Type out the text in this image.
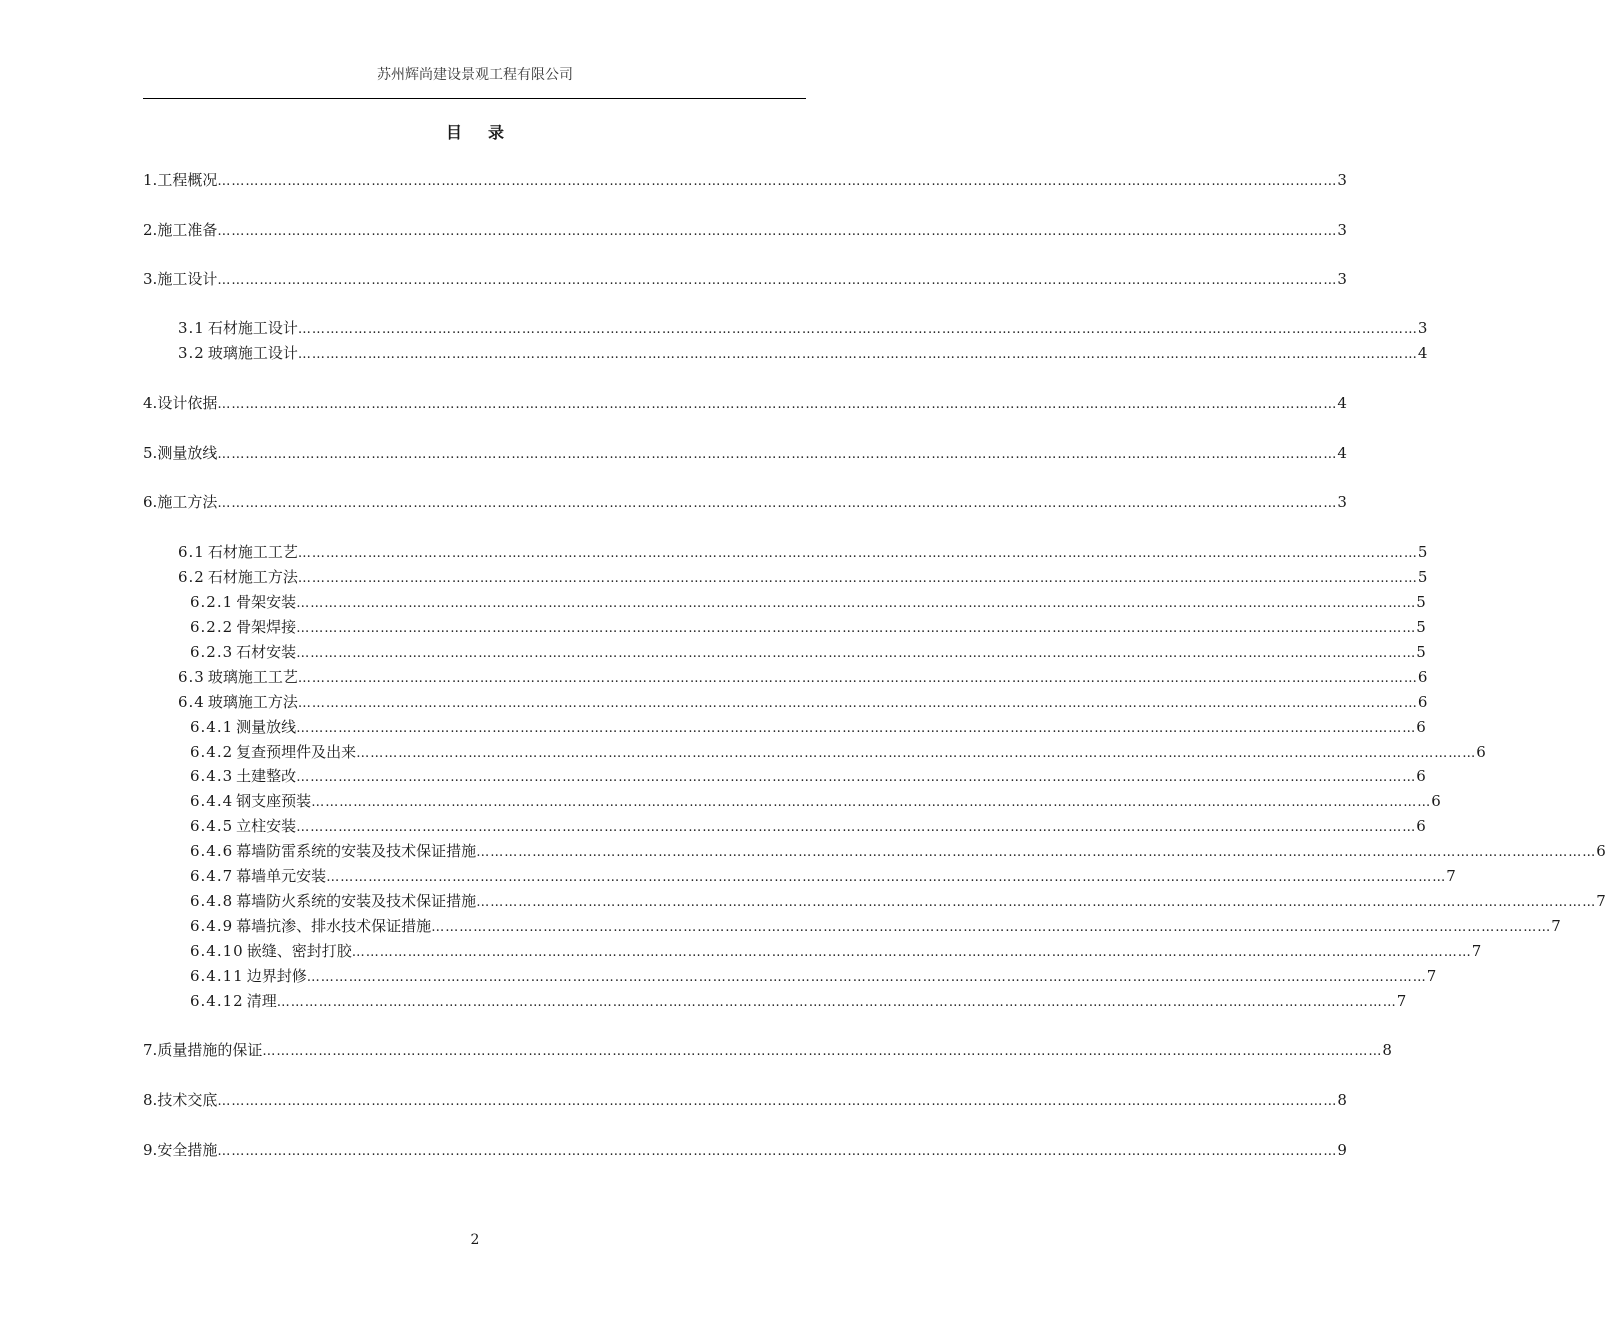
苏州辉尚建设景观工程有限公司
目 录
1. 工程概况 …………………………………………………………………………………………………………………………………………………………………………………………………………………… 3
2. 施工准备 …………………………………………………………………………………………………………………………………………………………………………………………………………………… 3
3. 施工设计 …………………………………………………………………………………………………………………………………………………………………………………………………………………… 3
3.1 石材施工设计 …………………………………………………………………………………………………………………………………………………………………………………………………………………… 3
3.2 玻璃施工设计 …………………………………………………………………………………………………………………………………………………………………………………………………………………… 4
4. 设计依据 …………………………………………………………………………………………………………………………………………………………………………………………………………………… 4
5. 测量放线 …………………………………………………………………………………………………………………………………………………………………………………………………………………… 4
6. 施工方法 …………………………………………………………………………………………………………………………………………………………………………………………………………………… 3
6.1 石材施工工艺 …………………………………………………………………………………………………………………………………………………………………………………………………………………… 5
6.2 石材施工方法 …………………………………………………………………………………………………………………………………………………………………………………………………………………… 5
6.2.1 骨架安装 …………………………………………………………………………………………………………………………………………………………………………………………………………………… 5
6.2.2 骨架焊接 …………………………………………………………………………………………………………………………………………………………………………………………………………………… 5
6.2.3 石材安装 …………………………………………………………………………………………………………………………………………………………………………………………………………………… 5
6.3 玻璃施工工艺 …………………………………………………………………………………………………………………………………………………………………………………………………………………… 6
6.4 玻璃施工方法 …………………………………………………………………………………………………………………………………………………………………………………………………………………… 6
6.4.1 测量放线 …………………………………………………………………………………………………………………………………………………………………………………………………………………… 6
6.4.2 复查预埋件及出来 …………………………………………………………………………………………………………………………………………………………………………………………………………………… 6
6.4.3 土建整改 …………………………………………………………………………………………………………………………………………………………………………………………………………………… 6
6.4.4 钢支座预装 …………………………………………………………………………………………………………………………………………………………………………………………………………………… 6
6.4.5 立柱安装 …………………………………………………………………………………………………………………………………………………………………………………………………………………… 6
6.4.6 幕墙防雷系统的安装及技术保证措施 …………………………………………………………………………………………………………………………………………………………………………………………………………………… 6
6.4.7 幕墙单元安装 …………………………………………………………………………………………………………………………………………………………………………………………………………………… 7
6.4.8 幕墙防火系统的安装及技术保证措施 …………………………………………………………………………………………………………………………………………………………………………………………………………………… 7
6.4.9 幕墙抗渗、排水技术保证措施 …………………………………………………………………………………………………………………………………………………………………………………………………………………… 7
6.4.10 嵌缝、密封打胶 …………………………………………………………………………………………………………………………………………………………………………………………………………………… 7
6.4.11 边界封修 …………………………………………………………………………………………………………………………………………………………………………………………………………………… 7
6.4.12 清理 …………………………………………………………………………………………………………………………………………………………………………………………………………………… 7
7. 质量措施的保证 …………………………………………………………………………………………………………………………………………………………………………………………………………………… 8
8. 技术交底 …………………………………………………………………………………………………………………………………………………………………………………………………………………… 8
9. 安全措施 …………………………………………………………………………………………………………………………………………………………………………………………………………………… 9
2
